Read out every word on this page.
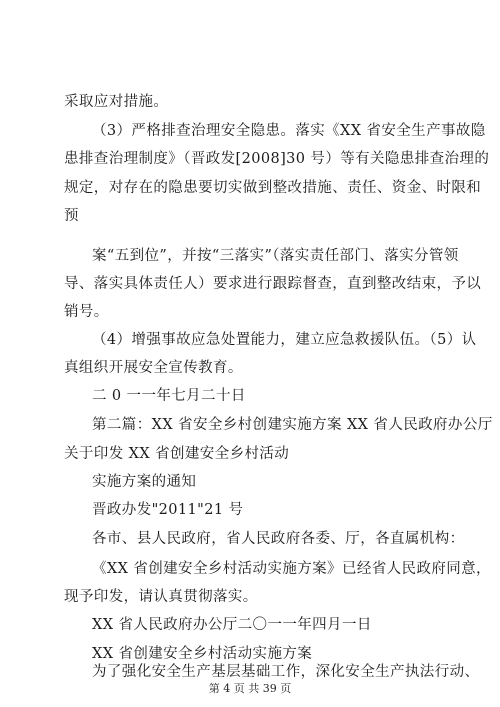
采取应对措施。
（3）严格排查治理安全隐患。落实《XX 省安全生产事故隐
患排查治理制度》（晋政发[2008]30 号）等有关隐患排查治理的
规定，对存在的隐患要切实做到整改措施、责任、资金、时限和
预
案“五到位”，并按“三落实”（落实责任部门、落实分管领
导、落实具体责任人）要求进行跟踪督查，直到整改结束，予以
销号。
（4）增强事故应急处置能力，建立应急救援队伍。（5）认
真组织开展安全宣传教育。
二 0 一一年七月二十日
第二篇：XX 省安全乡村创建实施方案 XX 省人民政府办公厅
关于印发 XX 省创建安全乡村活动
实施方案的通知
晋政办发"2011"21 号
各市、县人民政府，省人民政府各委、厅，各直属机构：
《XX 省创建安全乡村活动实施方案》已经省人民政府同意，
现予印发，请认真贯彻落实。
XX 省人民政府办公厅二〇一一年四月一日
XX 省创建安全乡村活动实施方案
为了强化安全生产基层基础工作，深化安全生产执法行动、
第 4 页 共 39 页
